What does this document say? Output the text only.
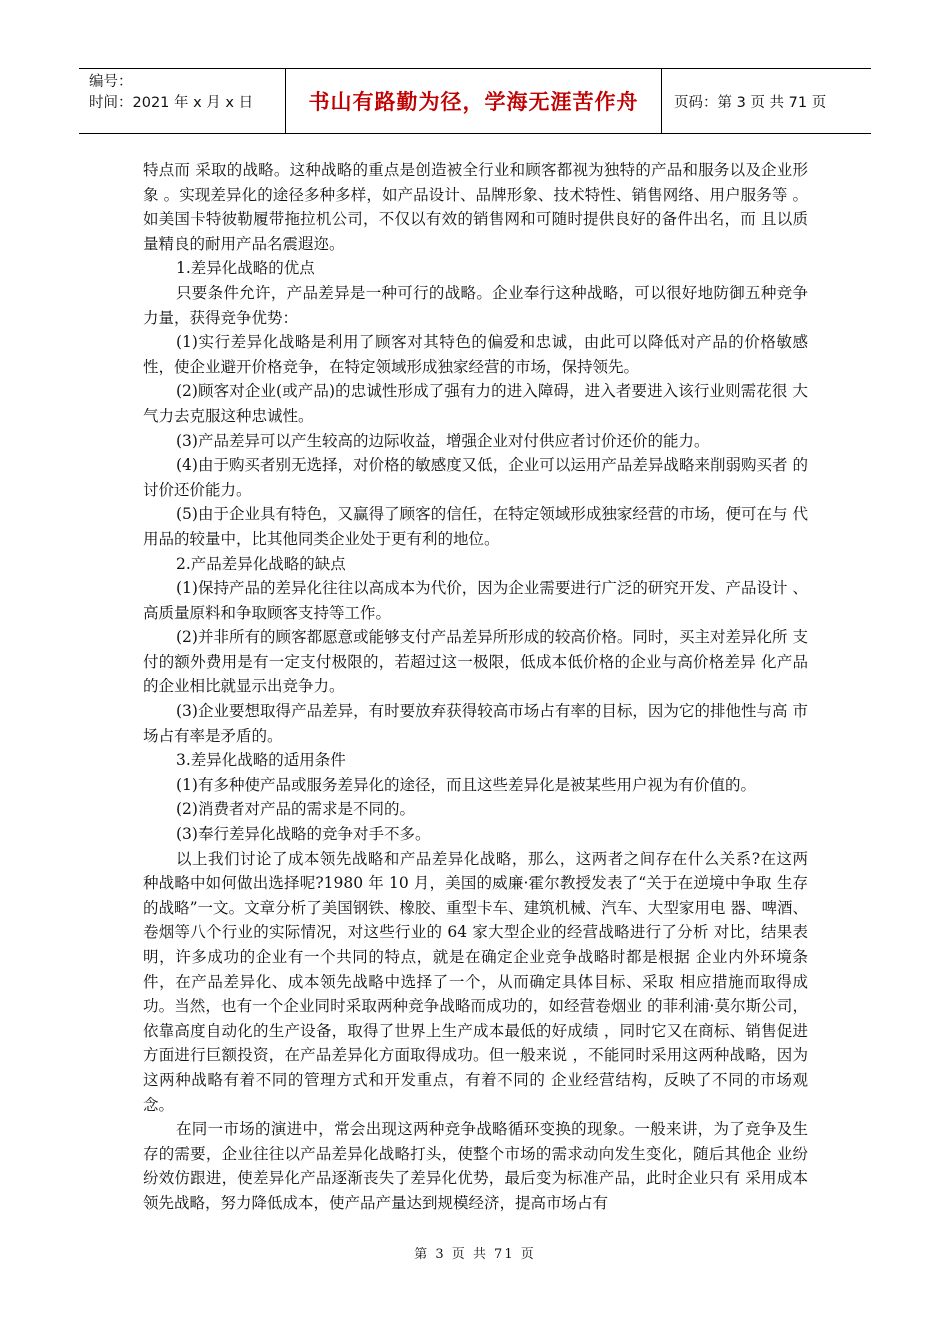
编号：
时间：2021 年 x 月 x 日	书山有路勤为径，学海无涯苦作舟 页码：第 3 页 共 71 页

特点而 采取的战略。这种战略的重点是创造被全行业和顾客都视为独特的产品和服务以及企业形象 。实现差异化的途径多种多样，如产品设计、品牌形象、技术特性、销售网络、用户服务等 。如美国卡特彼勒履带拖拉机公司，不仅以有效的销售网和可随时提供良好的备件出名，而 且以质量精良的耐用产品名震遐迩。

1.差异化战略的优点

只要条件允许，产品差异是一种可行的战略。企业奉行这种战略，可以很好地防御五种竞争 力量，获得竞争优势：

(1)实行差异化战略是利用了顾客对其特色的偏爱和忠诚，由此可以降低对产品的价格敏感 性，使企业避开价格竞争，在特定领域形成独家经营的市场，保持领先。

(2)顾客对企业(或产品)的忠诚性形成了强有力的进入障碍，进入者要进入该行业则需花很 大气力去克服这种忠诚性。

(3)产品差异可以产生较高的边际收益，增强企业对付供应者讨价还价的能力。

(4)由于购买者别无选择，对价格的敏感度又低，企业可以运用产品差异战略来削弱购买者 的讨价还价能力。

(5)由于企业具有特色，又赢得了顾客的信任，在特定领域形成独家经营的市场，便可在与 代用品的较量中，比其他同类企业处于更有利的地位。

2.产品差异化战略的缺点

(1)保持产品的差异化往往以高成本为代价，因为企业需要进行广泛的研究开发、产品设计 、高质量原料和争取顾客支持等工作。

(2)并非所有的顾客都愿意或能够支付产品差异所形成的较高价格。同时，买主对差异化所 支付的额外费用是有一定支付极限的，若超过这一极限，低成本低价格的企业与高价格差异 化产品的企业相比就显示出竞争力。

(3)企业要想取得产品差异，有时要放弃获得较高市场占有率的目标，因为它的排他性与高 市场占有率是矛盾的。

3.差异化战略的适用条件

(1)有多种使产品或服务差异化的途径，而且这些差异化是被某些用户视为有价值的。

(2)消费者对产品的需求是不同的。

(3)奉行差异化战略的竞争对手不多。

以上我们讨论了成本领先战略和产品差异化战略，那么，这两者之间存在什么关系?在这两 种战略中如何做出选择呢?1980 年 10 月，美国的威廉·霍尔教授发表了“关于在逆境中争取 生存的战略”一文。文章分析了美国钢铁、橡胶、重型卡车、建筑机械、汽车、大型家用电 器、啤酒、卷烟等八个行业的实际情况，对这些行业的 64 家大型企业的经营战略进行了分析 对比，结果表明，许多成功的企业有一个共同的特点，就是在确定企业竞争战略时都是根据 企业内外环境条件，在产品差异化、成本领先战略中选择了一个，从而确定具体目标、采取 相应措施而取得成功。当然，也有一个企业同时采取两种竞争战略而成功的，如经营卷烟业 的菲利浦·莫尔斯公司，依靠高度自动化的生产设备，取得了世界上生产成本最低的好成绩 ，同时它又在商标、销售促进方面进行巨额投资，在产品差异化方面取得成功。但一般来说 ，不能同时采用这两种战略，因为这两种战略有着不同的管理方式和开发重点，有着不同的 企业经营结构，反映了不同的市场观念。

在同一市场的演进中，常会出现这两种竞争战略循环变换的现象。一般来讲，为了竞争及生 存的需要，企业往往以产品差异化战略打头，使整个市场的需求动向发生变化，随后其他企 业纷纷效仿跟进，使差异化产品逐渐丧失了差异化优势，最后变为标准产品，此时企业只有 采用成本领先战略，努力降低成本，使产品产量达到规模经济，提高市场占有

第 3 页 共 71 页
